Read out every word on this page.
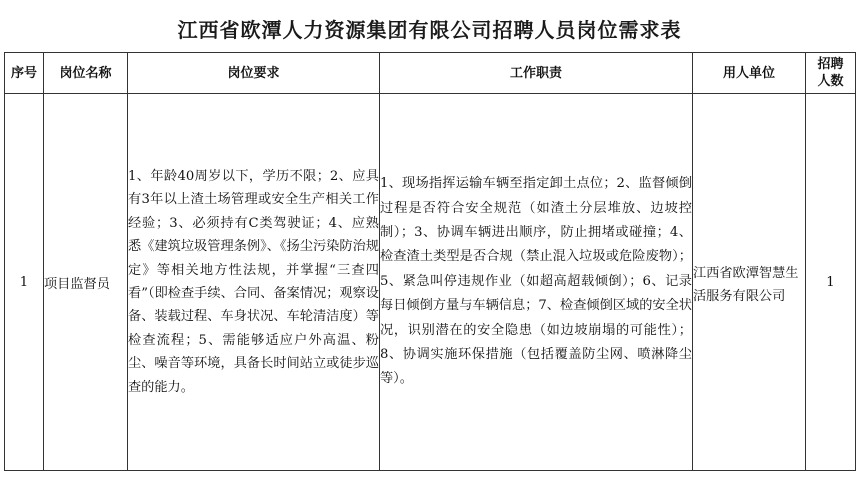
江西省欧潭人力资源集团有限公司招聘人员岗位需求表
序号	岗位名称	岗位要求	工作职责	用人单位	招聘
人数

1	项目监督员	1、年龄40周岁以下，学历不限；2、应具有3年以上渣土场管理或安全生产相关工作经验；3、必须持有C类驾驶证；4、应熟悉《建筑垃圾管理条例》、《扬尘污染防治规定》等相关地方性法规，并掌握“三查四看”（即检查手续、合同、备案情况；观察设备、装载过程、车身状况、车轮清洁度）等检查流程；5、需能够适应户外高温、粉尘、噪音等环境，具备长时间站立或徒步巡查的能力。	1、现场指挥运输车辆至指定卸土点位；2、监督倾倒过程是否符合安全规范（如渣土分层堆放、边坡控制）；3、协调车辆进出顺序，防止拥堵或碰撞；4、检查渣土类型是否合规（禁止混入垃圾或危险废物）；5、紧急叫停违规作业（如超高超载倾倒）；6、记录每日倾倒方量与车辆信息；7、检查倾倒区域的安全状况，识别潜在的安全隐患（如边坡崩塌的可能性）；8、协调实施环保措施（包括覆盖防尘网、喷淋降尘等）。	江西省欧潭智慧生活服务有限公司	1
